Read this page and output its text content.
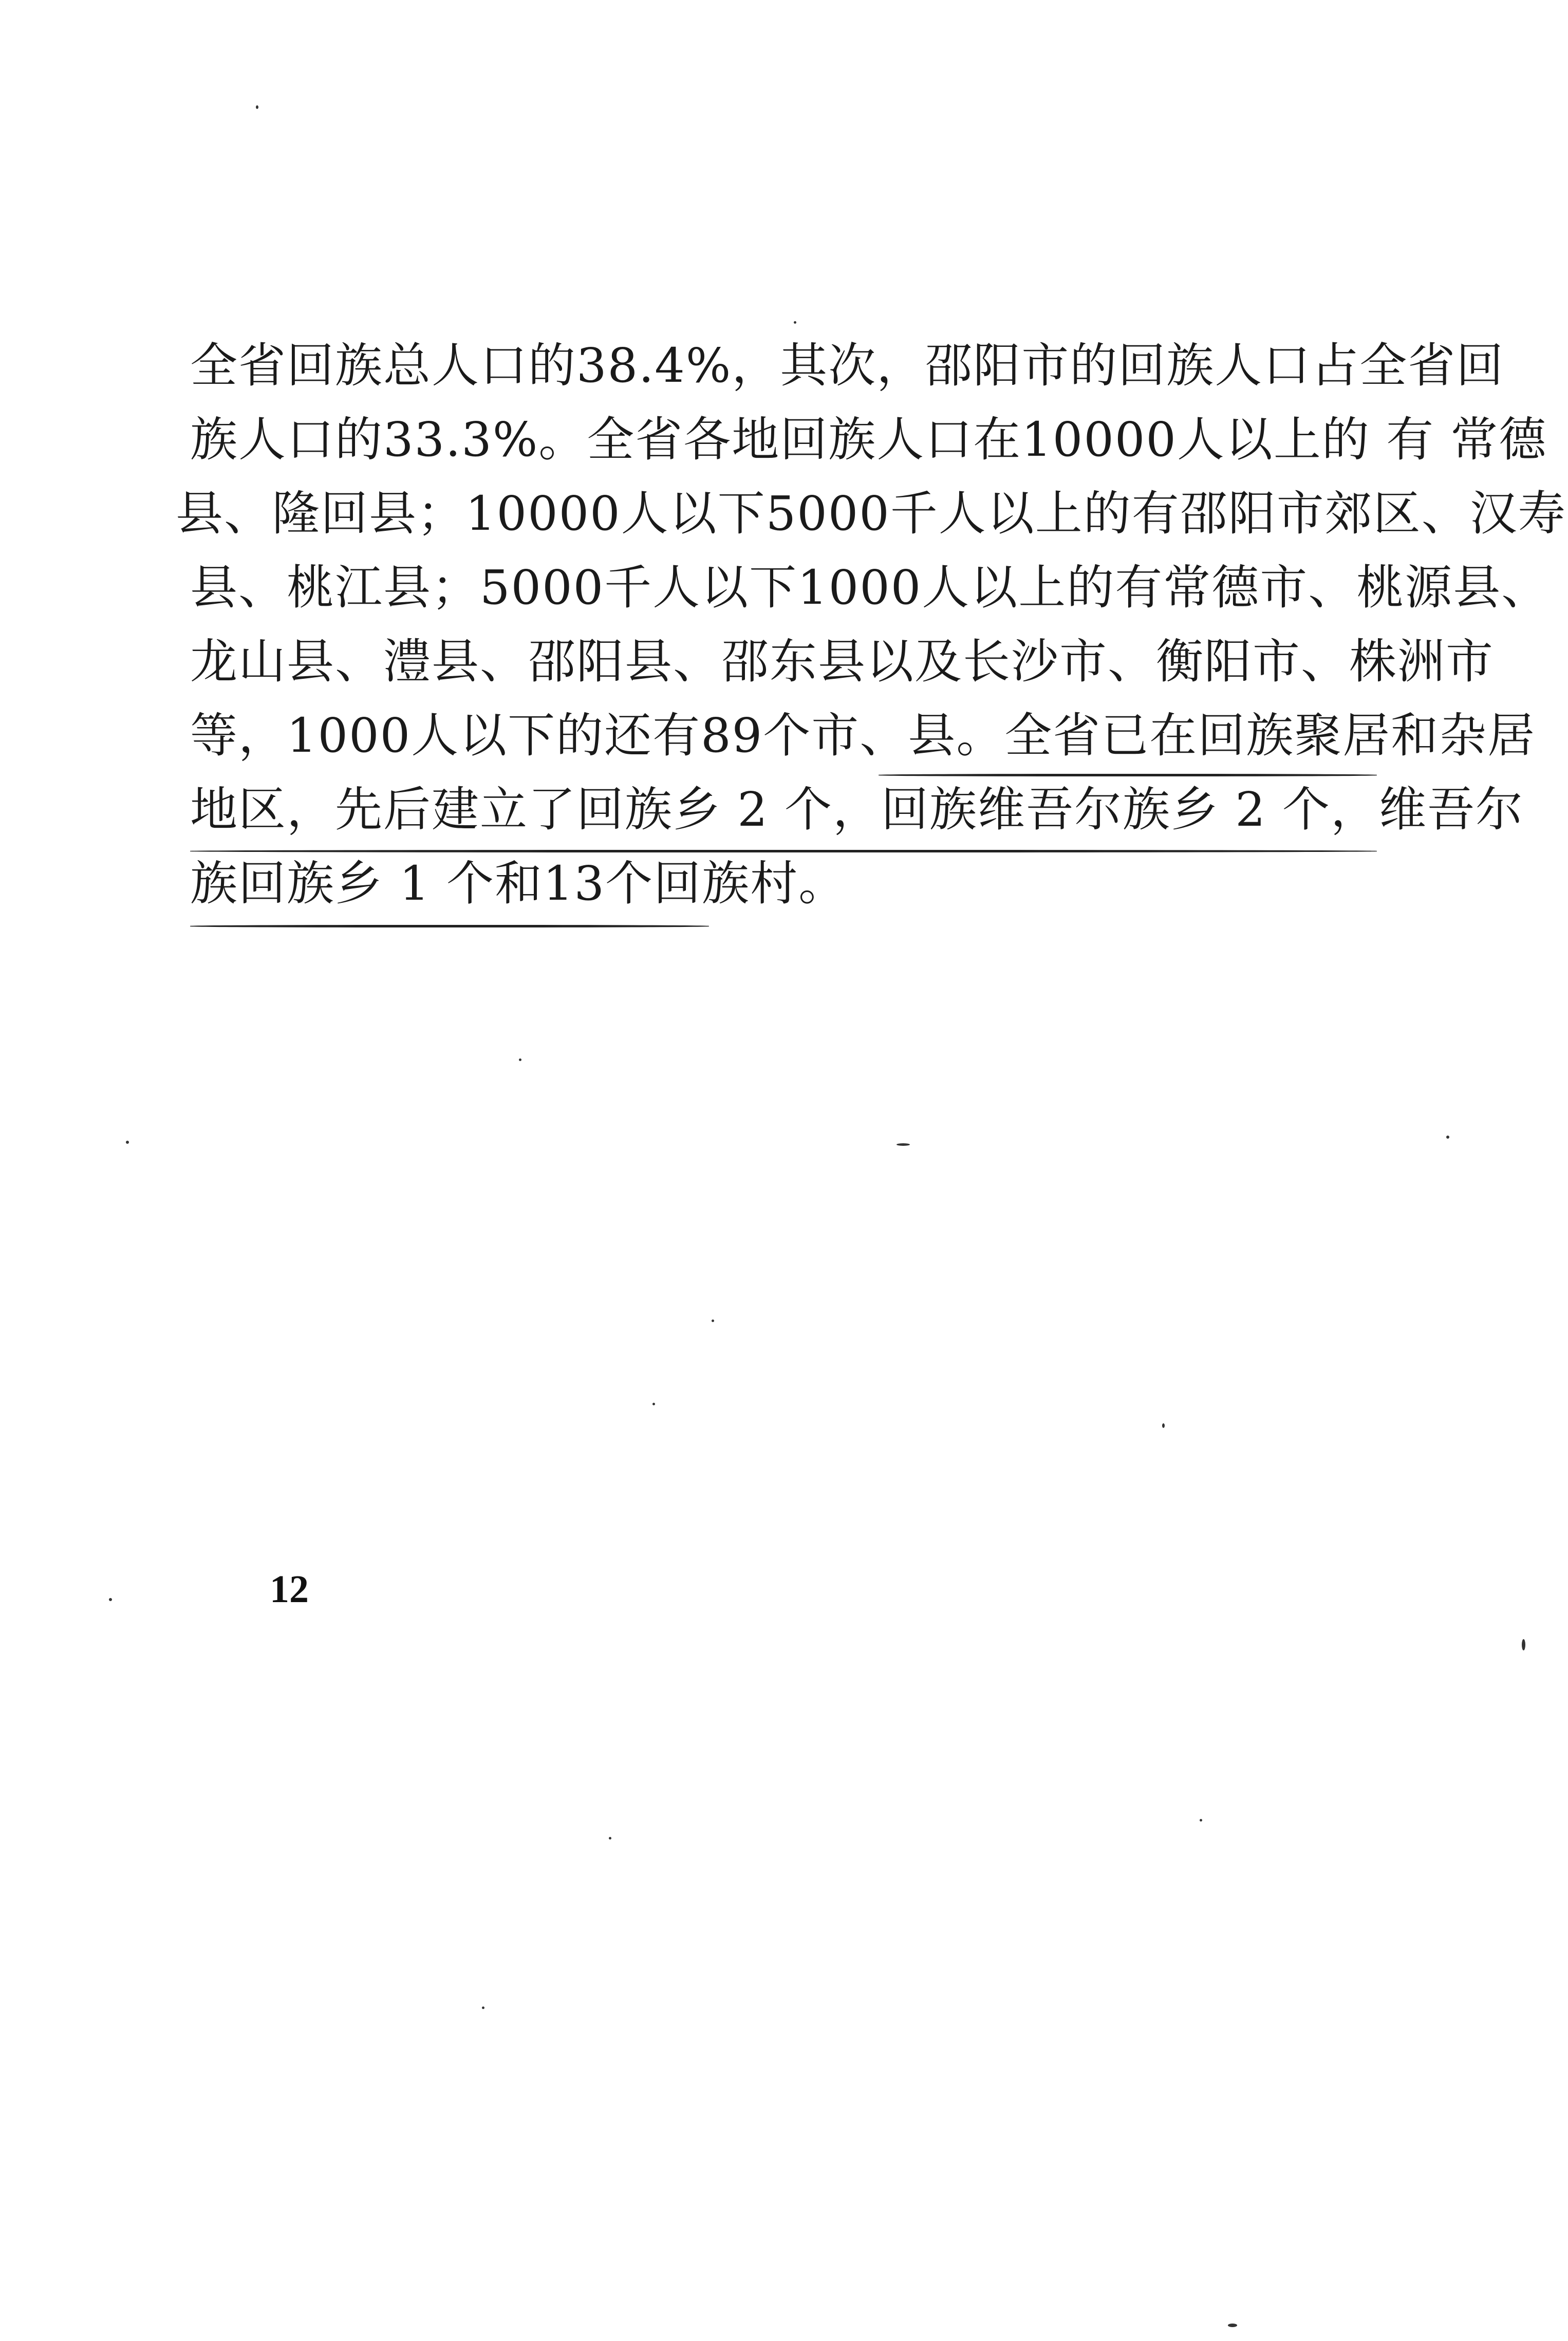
全省回族总人口的38.4%，其次，邵阳市的回族人口占全省回
族人口的33.3%。全省各地回族人口在10000人以上的 有 常德
县、隆回县；10000人以下5000千人以上的有邵阳市郊区、汉寿
县、桃江县；5000千人以下1000人以上的有常德市、桃源县、
龙山县、澧县、邵阳县、邵东县以及长沙市、衡阳市、株洲市
等，1000人以下的还有89个市、县。全省已在回族聚居和杂居
地区，先后建立了回族乡 2 个，回族维吾尔族乡 2 个，维吾尔
族回族乡 1 个和13个回族村。
12
